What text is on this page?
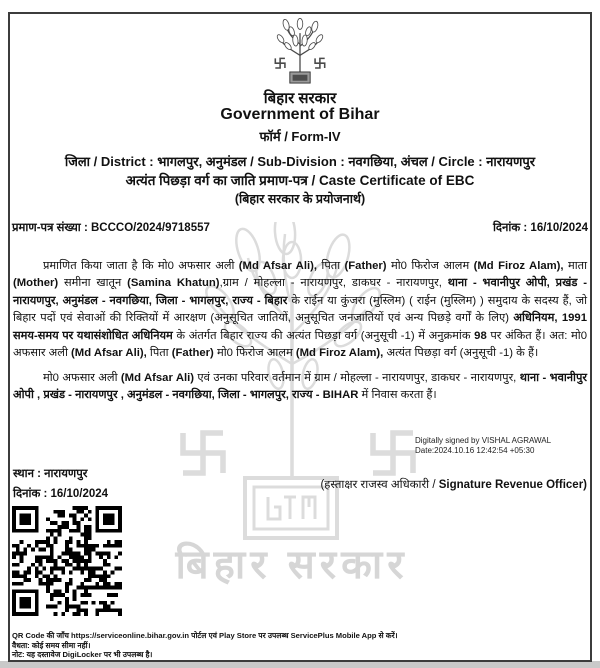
बिहार सरकार
बिहार सरकार
Government of Bihar
फॉर्म / Form-IV
जिला / District : भागलपुर, अनुमंडल / Sub-Division : नवगछिया, अंचल / Circle : नारायणपुर
अत्यंत पिछड़ा वर्ग का जाति प्रमाण-पत्र / Caste Certificate of EBC
(बिहार सरकार के प्रयोजनार्थ)
प्रमाण-पत्र संख्या : BCCCO/2024/9718557	दिनांक : 16/10/2024
प्रमाणित किया जाता है कि मो0 अफसार अली (Md Afsar Ali), पिता (Father) मो0 फिरोज आलम (Md Firoz Alam), माता (Mother) समीना खातून (Samina Khatun),ग्राम / मोहल्ला - नारायणपुर, डाकघर - नारायणपुर, थाना - भवानीपुर ओपी, प्रखंड - नारायणपुर, अनुमंडल - नवगछिया, जिला - भागलपुर, राज्य - बिहार के राईन या कुंजरा (मुस्लिम) ( राईन (मुस्लिम) ) समुदाय के सदस्य हैं, जो बिहार पदों एवं सेवाओं की रिक्तियों में आरक्षण (अनुसूचित जातियों, अनुसूचित जनजातियों एवं अन्य पिछड़े वर्गों के लिए) अधिनियम, 1991 समय-समय पर यथासंशोधित अधिनियम के अंतर्गत बिहार राज्य की अत्यंत पिछड़ा वर्ग (अनुसूची -1) में अनुक्रमांक 98 पर अंकित हैं। अत: मो0 अफसार अली (Md Afsar Ali), पिता (Father) मो0 फिरोज आलम (Md Firoz Alam), अत्यंत पिछड़ा वर्ग (अनुसूची -1) के हैं।
मो0 अफसार अली (Md Afsar Ali) एवं उनका परिवार वर्तमान में ग्राम / मोहल्ला - नारायणपुर, डाकघर - नारायणपुर, थाना - भवानीपुर ओपी , प्रखंड - नारायणपुर , अनुमंडल - नवगछिया, जिला - भागलपुर, राज्य - BIHAR में निवास करता हैं।
Digitally signed by VISHAL AGRAWAL
Date:2024.10.16 12:42:54 +05:30
स्थान : नारायणपुर
(हस्ताक्षर राजस्व अधिकारी / Signature Revenue Officer)
दिनांक : 16/10/2024
QR Code की जाँच https://serviceonline.bihar.gov.in पोर्टल एवं Play Store पर उपलब्ध ServicePlus Mobile App से करें।
वैधता: कोई समय सीमा नहीं।
नोट: यह दस्तावेज DigiLocker पर भी उपलब्ध है।
